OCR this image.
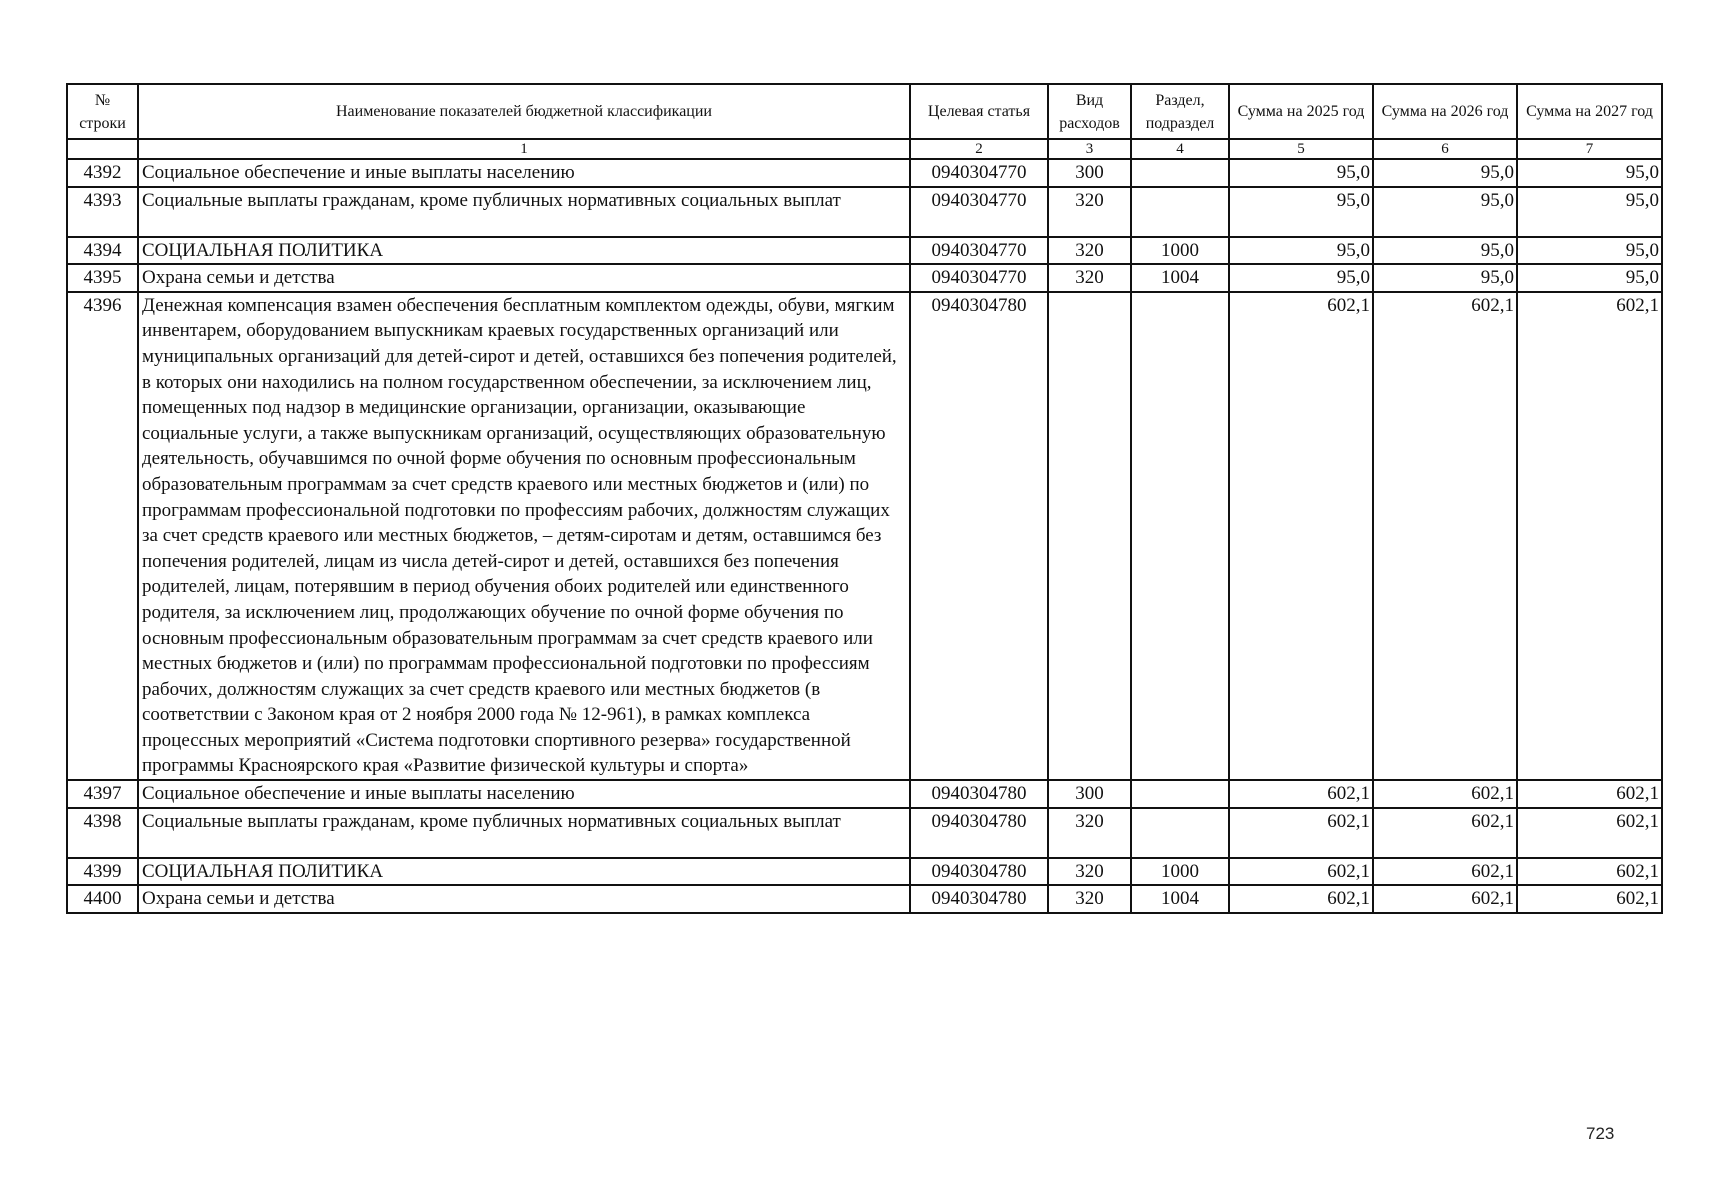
№ строки	Наименование показателей бюджетной классификации	Целевая статья	Вид расходов	Раздел, подраздел	Сумма на 2025 год	Сумма на 2026 год	Сумма на 2027 год
	1	2	3	4	5	6	7
4392	Социальное обеспечение и иные выплаты населению	0940304770	300		95,0	95,0	95,0
4393	Социальные выплаты гражданам, кроме публичных нормативных социальных выплат	0940304770	320		95,0	95,0	95,0
4394	СОЦИАЛЬНАЯ ПОЛИТИКА	0940304770	320	1000	95,0	95,0	95,0
4395	Охрана семьи и детства	0940304770	320	1004	95,0	95,0	95,0
4396	Денежная компенсация взамен обеспечения бесплатным комплектом одежды, обуви, мягким инвентарем, оборудованием выпускникам краевых государственных организаций или муниципальных организаций для детей-сирот и детей, оставшихся без попечения родителей, в которых они находились на полном государственном обеспечении, за исключением лиц, помещенных под надзор в медицинские организации, организации, оказывающие социальные услуги, а также выпускникам организаций, осуществляющих образовательную деятельность, обучавшимся по очной форме обучения по основным профессиональным образовательным программам за счет средств краевого или местных бюджетов и (или) по программам профессиональной подготовки по профессиям рабочих, должностям служащих за счет средств краевого или местных бюджетов, – детям-сиротам и детям, оставшимся без попечения родителей, лицам из числа детей-сирот и детей, оставшихся без попечения родителей, лицам, потерявшим в период обучения обоих родителей или единственного родителя, за исключением лиц, продолжающих обучение по очной форме обучения по основным профессиональным образовательным программам за счет средств краевого или местных бюджетов и (или) по программам профессиональной подготовки по профессиям рабочих, должностям служащих за счет средств краевого или местных бюджетов (в соответствии с Законом края от 2 ноября 2000 года № 12-961), в рамках комплекса процессных мероприятий «Система подготовки спортивного резерва» государственной программы Красноярского края «Развитие физической культуры и спорта»	0940304780			602,1	602,1	602,1
4397	Социальное обеспечение и иные выплаты населению	0940304780	300		602,1	602,1	602,1
4398	Социальные выплаты гражданам, кроме публичных нормативных социальных выплат	0940304780	320		602,1	602,1	602,1
4399	СОЦИАЛЬНАЯ ПОЛИТИКА	0940304780	320	1000	602,1	602,1	602,1
4400	Охрана семьи и детства	0940304780	320	1004	602,1	602,1	602,1
723
